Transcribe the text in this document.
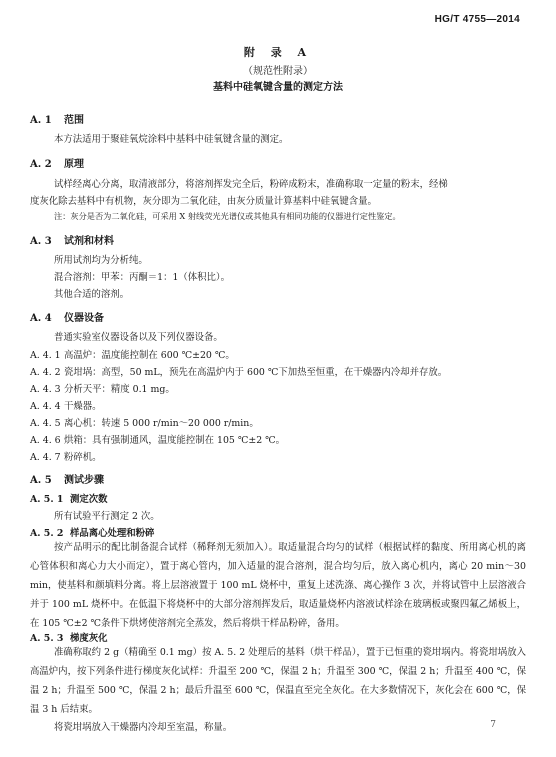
HG/T 4755—2014
附 录 A
（规范性附录）
基料中硅氧键含量的测定方法
A. 1 范围
本方法适用于聚硅氧烷涂料中基料中硅氧键含量的测定。
A. 2 原理
试样经离心分离，取清液部分，将溶剂挥发完全后，粉碎成粉末，准确称取一定量的粉末，经梯
度灰化除去基料中有机物，灰分即为二氧化硅，由灰分质量计算基料中硅氧键含量。
注：灰分是否为二氧化硅，可采用 X 射线荧光光谱仪或其他具有相同功能的仪器进行定性鉴定。
A. 3 试剂和材料
所用试剂均为分析纯。
混合溶剂：甲苯：丙酮＝1：1（体积比）。
其他合适的溶剂。
A. 4 仪器设备
普通实验室仪器设备以及下列仪器设备。
A. 4. 1 高温炉：温度能控制在 600 ℃±20 ℃。
A. 4. 2 瓷坩埚：高型，50 mL，预先在高温炉内于 600 ℃下加热至恒重，在干燥器内冷却并存放。
A. 4. 3 分析天平：精度 0.1 mg。
A. 4. 4 干燥器。
A. 4. 5 离心机：转速 5 000 r/min～20 000 r/min。
A. 4. 6 烘箱：具有强制通风，温度能控制在 105 ℃±2 ℃。
A. 4. 7 粉碎机。
A. 5 测试步骤
A. 5. 1 测定次数
所有试验平行测定 2 次。
A. 5. 2 样品离心处理和粉碎
按产品明示的配比制备混合试样（稀释剂无须加入）。取适量混合均匀的试样（根据试样的黏度、所用离心机的离心管体积和离心力大小而定），置于离心管内，加入适量的混合溶剂，混合均匀后，放入离心机内，离心 20 min～30 min，使基料和颜填料分离。将上层溶液置于 100 mL 烧杯中，重复上述洗涤、离心操作 3 次，并将试管中上层溶液合并于 100 mL 烧杯中。在低温下将烧杯中的大部分溶剂挥发后，取适量烧杯内溶液试样涂在玻璃板或聚四氟乙烯板上，在 105 ℃±2 ℃条件下烘烤使溶剂完全蒸发，然后将烘干样品粉碎，备用。
A. 5. 3 梯度灰化
准确称取约 2 g（精确至 0.1 mg）按 A. 5. 2 处理后的基料（烘干样品），置于已恒重的瓷坩埚内。将瓷坩埚放入高温炉内，按下列条件进行梯度灰化试样：升温至 200 ℃，保温 2 h；升温至 300 ℃，保温 2 h；升温至 400 ℃，保温 2 h；升温至 500 ℃，保温 2 h；最后升温至 600 ℃，保温直至完全灰化。在大多数情况下，灰化会在 600 ℃，保温 3 h 后结束。
将瓷坩埚放入干燥器内冷却至室温，称量。	7
